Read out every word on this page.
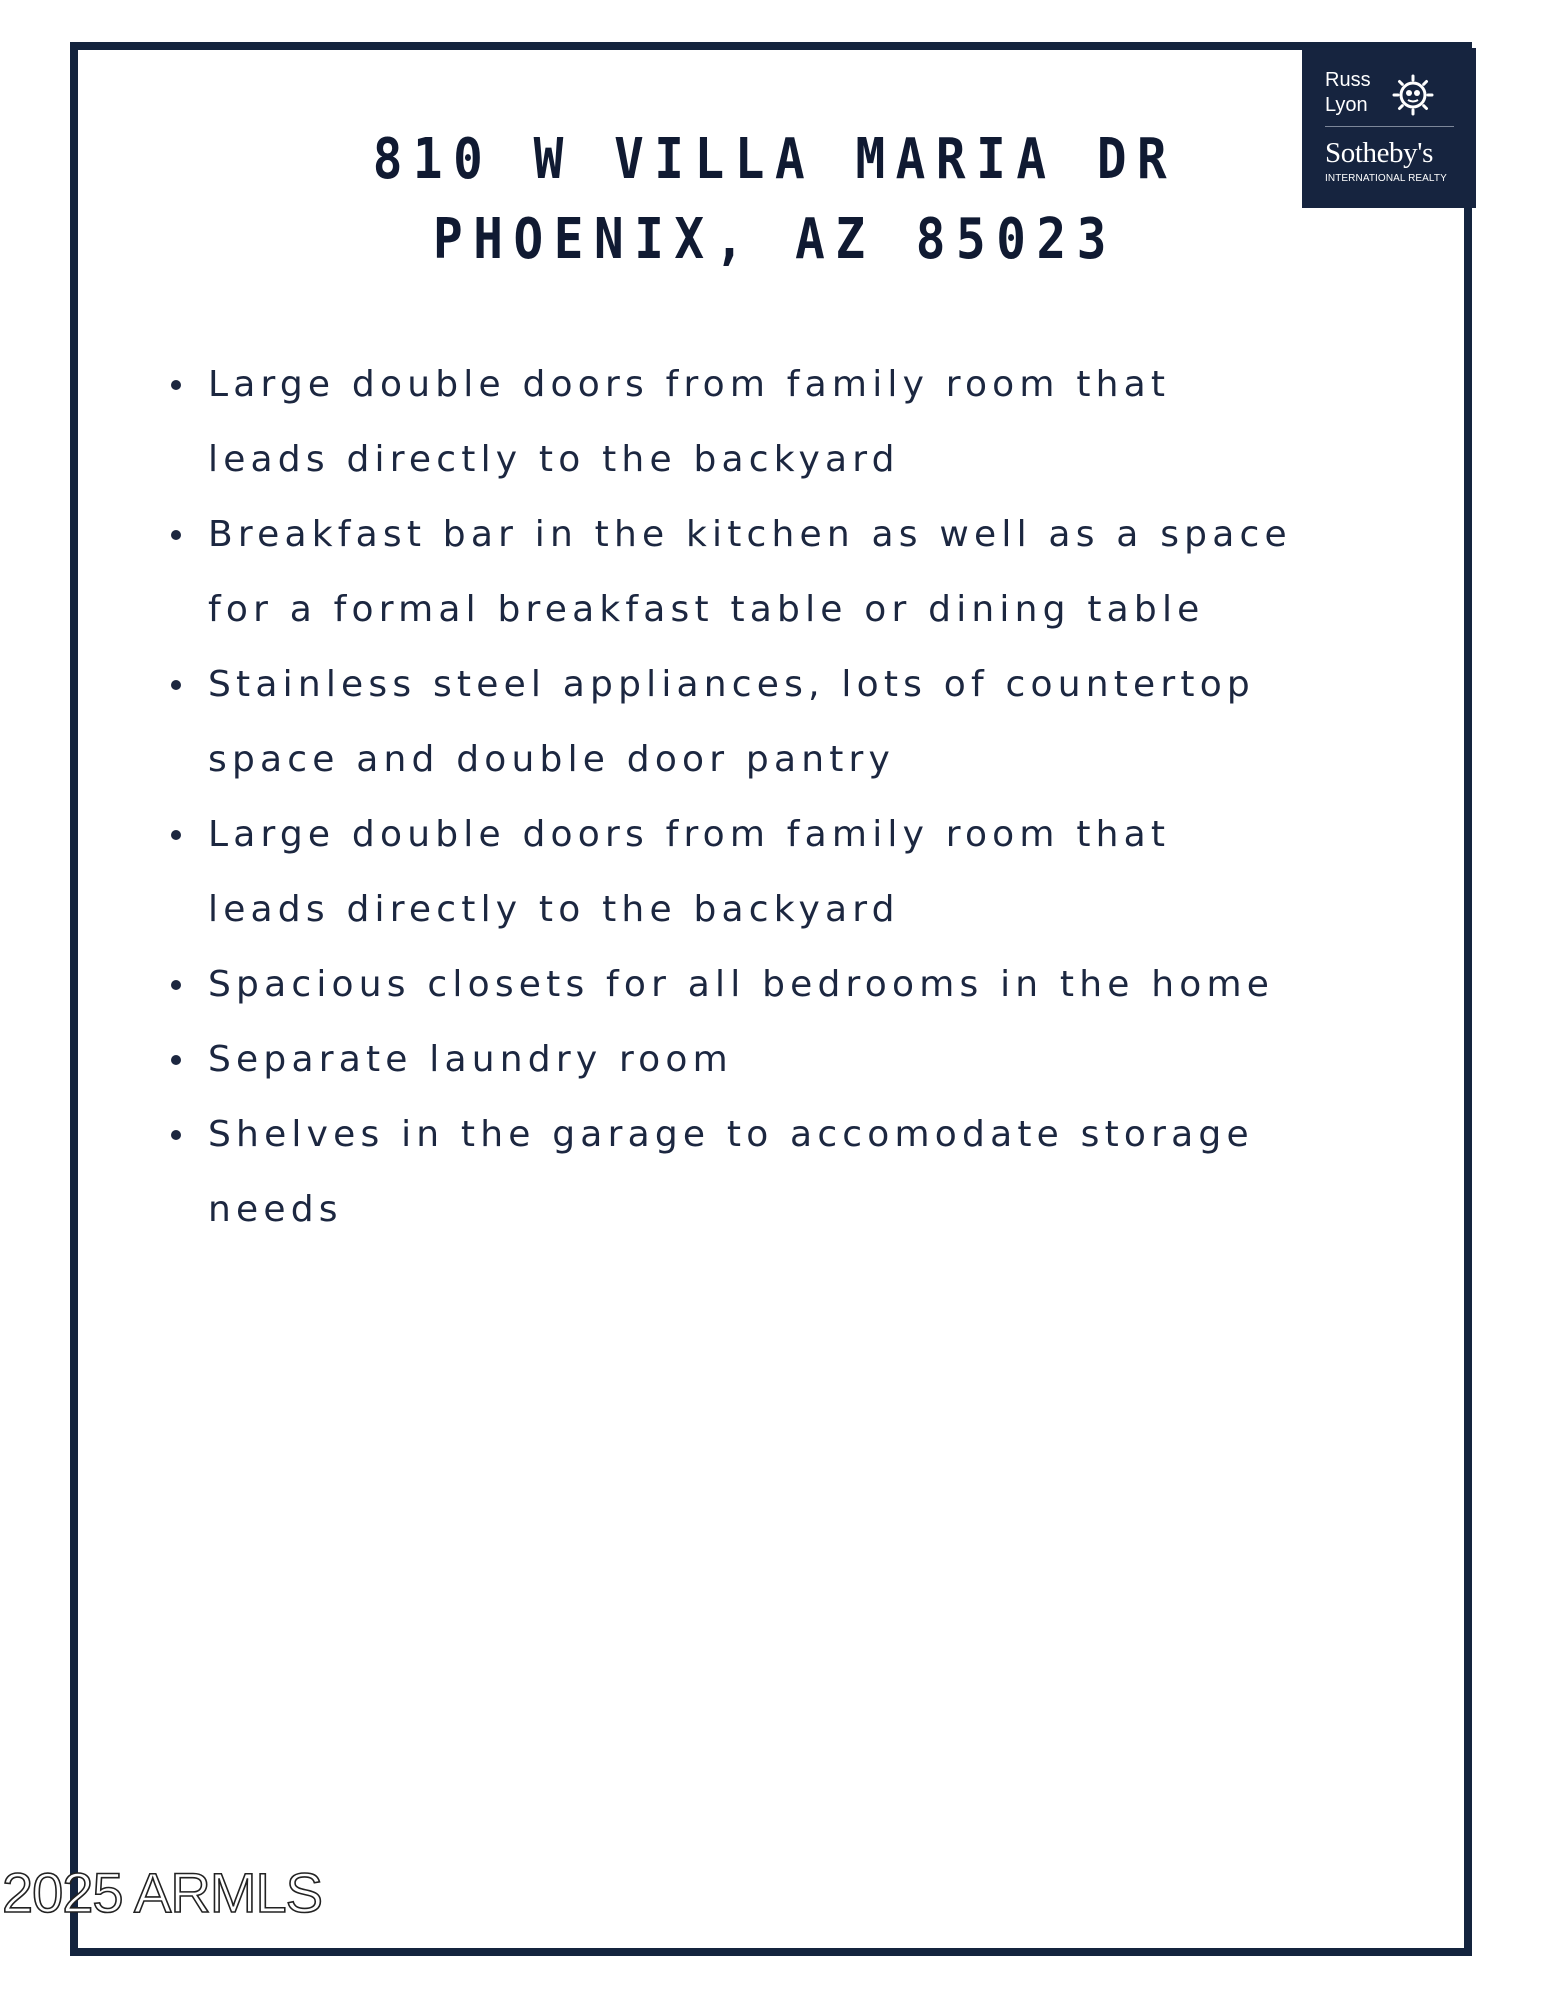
Russ
Lyon
Sotheby's
INTERNATIONAL REALTY
810 W VILLA MARIA DR
PHOENIX, AZ 85023
Large double doors from family room that
leads directly to the backyard
Breakfast bar in the kitchen as well as a space
for a formal breakfast table or dining table
Stainless steel appliances, lots of countertop
space and double door pantry
Large double doors from family room that
leads directly to the backyard
Spacious closets for all bedrooms in the home
Separate laundry room
Shelves in the garage to accomodate storage
needs
2025 ARMLS
